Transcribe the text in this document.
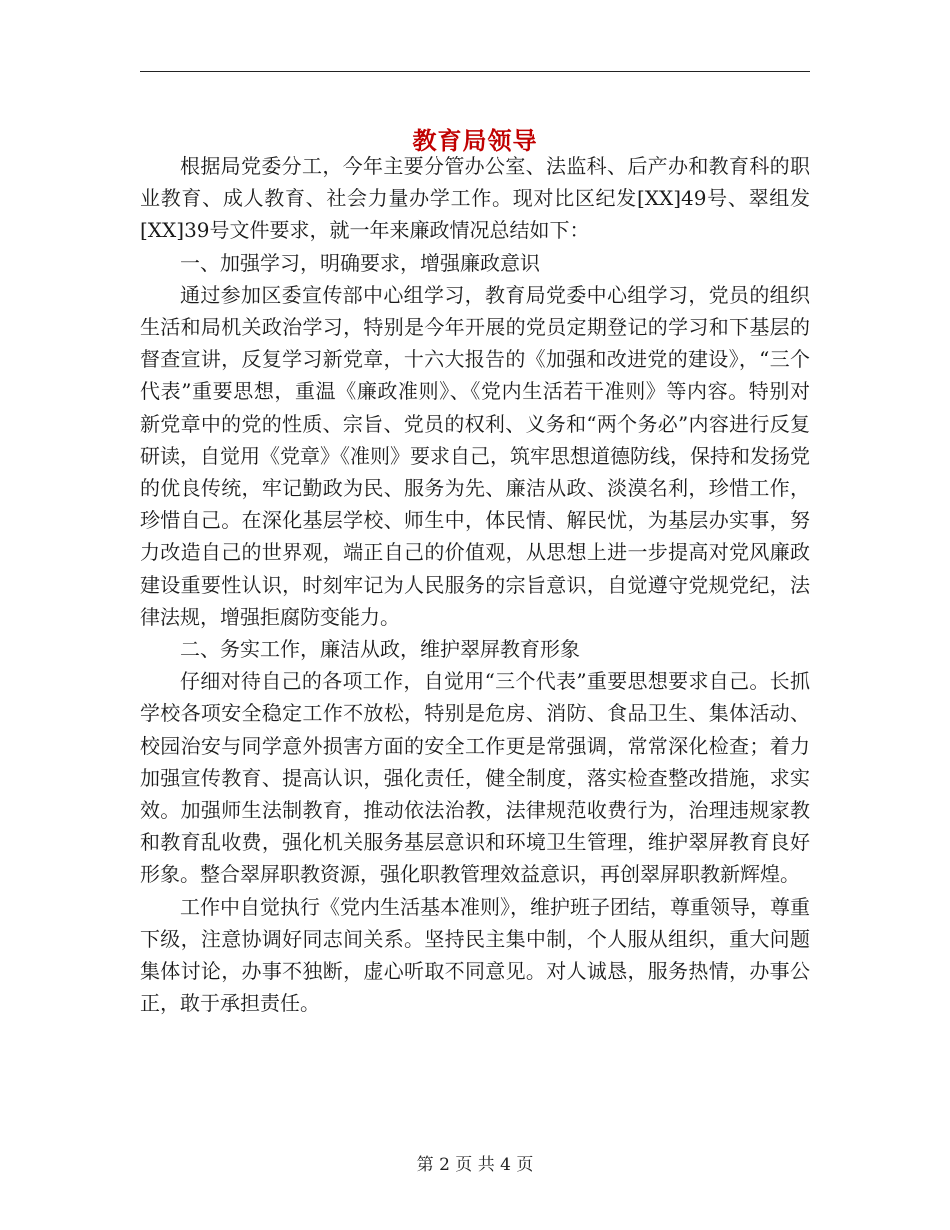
教育局领导

根据局党委分工，今年主要分管办公室、法监科、后产办和教育科的职业教育、成人教育、社会力量办学工作。现对比区纪发[XX]49号、翠组发[XX]39号文件要求，就一年来廉政情况总结如下：

一、加强学习，明确要求，增强廉政意识

通过参加区委宣传部中心组学习，教育局党委中心组学习，党员的组织生活和局机关政治学习，特别是今年开展的党员定期登记的学习和下基层的督查宣讲，反复学习新党章，十六大报告的《加强和改进党的建设》，“三个代表”重要思想，重温《廉政准则》、《党内生活若干准则》等内容。特别对新党章中的党的性质、宗旨、党员的权利、义务和“两个务必”内容进行反复研读，自觉用《党章》《准则》要求自己，筑牢思想道德防线，保持和发扬党的优良传统，牢记勤政为民、服务为先、廉洁从政、淡漠名利，珍惜工作，珍惜自己。在深化基层学校、师生中，体民情、解民忧，为基层办实事，努力改造自己的世界观，端正自己的价值观，从思想上进一步提高对党风廉政建设重要性认识，时刻牢记为人民服务的宗旨意识，自觉遵守党规党纪，法律法规，增强拒腐防变能力。

二、务实工作，廉洁从政，维护翠屏教育形象

仔细对待自己的各项工作，自觉用“三个代表”重要思想要求自己。长抓学校各项安全稳定工作不放松，特别是危房、消防、食品卫生、集体活动、校园治安与同学意外损害方面的安全工作更是常强调，常常深化检查；着力加强宣传教育、提高认识，强化责任，健全制度，落实检查整改措施，求实效。加强师生法制教育，推动依法治教，法律规范收费行为，治理违规家教和教育乱收费，强化机关服务基层意识和环境卫生管理，维护翠屏教育良好形象。整合翠屏职教资源，强化职教管理效益意识，再创翠屏职教新辉煌。

工作中自觉执行《党内生活基本准则》，维护班子团结，尊重领导，尊重下级，注意协调好同志间关系。坚持民主集中制，个人服从组织，重大问题集体讨论，办事不独断，虚心听取不同意见。对人诚恳，服务热情，办事公正，敢于承担责任。

第 2 页 共 4 页
